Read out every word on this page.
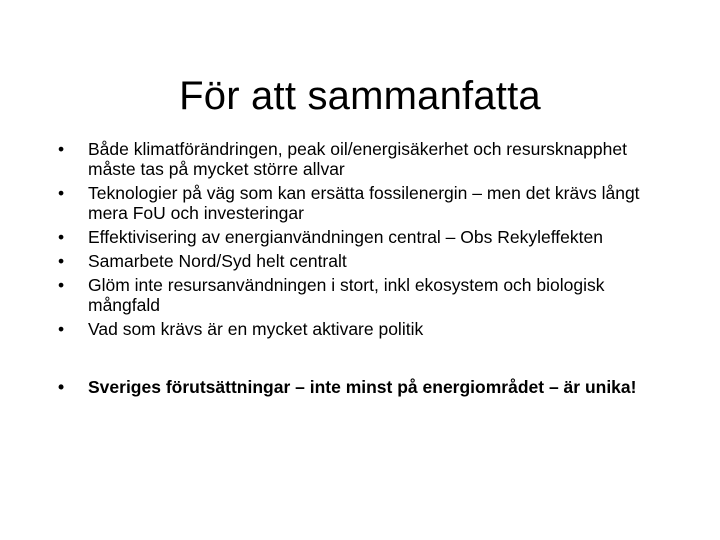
För att sammanfatta
•	Både klimatförändringen, peak oil/energisäkerhet och resursknapphet måste tas på mycket större allvar
•	Teknologier på väg som kan ersätta fossilenergin – men det krävs långt mera FoU och investeringar
•	Effektivisering av energianvändningen central – Obs Rekyleffekten
•	Samarbete Nord/Syd helt centralt
•	Glöm inte resursanvändningen i stort, inkl ekosystem och biologisk mångfald
•	Vad som krävs är en mycket aktivare politik
•	Sveriges förutsättningar – inte minst på energiområdet – är unika!
